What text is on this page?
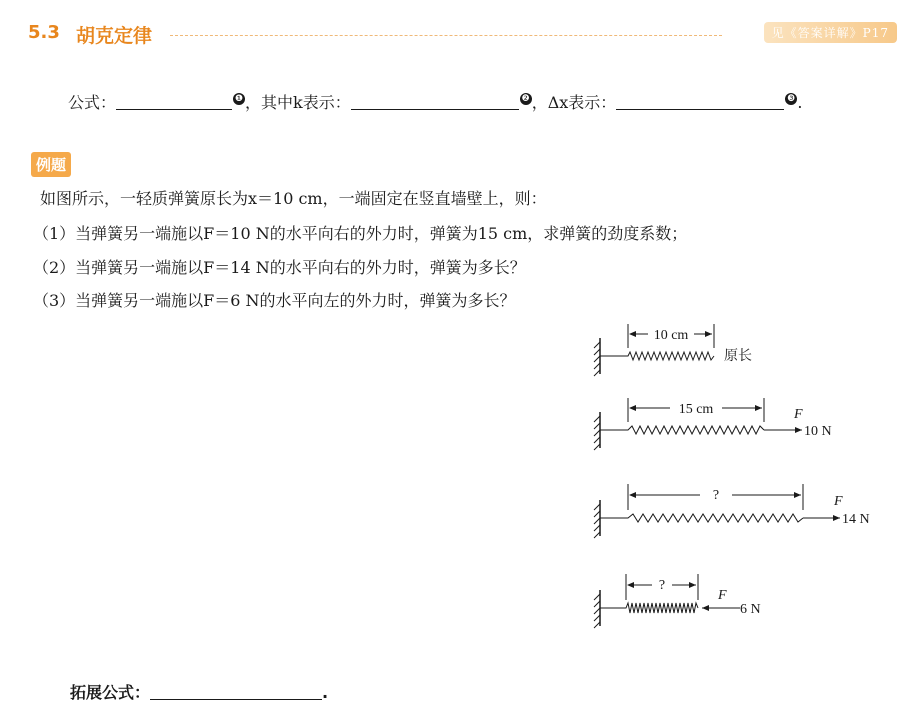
5.3 胡克定律	见《答案详解》P17
公式：	❶ ，其中k表示：	❷ ，Δx表示：	❸ .
例题
如图所示，一轻质弹簧原长为x＝10 cm，一端固定在竖直墙壁上，则：
（1）当弹簧另一端施以F＝10 N的水平向右的外力时，弹簧为15 cm，求弹簧的劲度系数；
（2）当弹簧另一端施以F＝14 N的水平向右的外力时，弹簧为多长？
（3）当弹簧另一端施以F＝6 N的水平向左的外力时，弹簧为多长？
10 cm
原长
15 cm	F
10 N
?	F
14 N
?
F
6 N
拓展公式：	.
